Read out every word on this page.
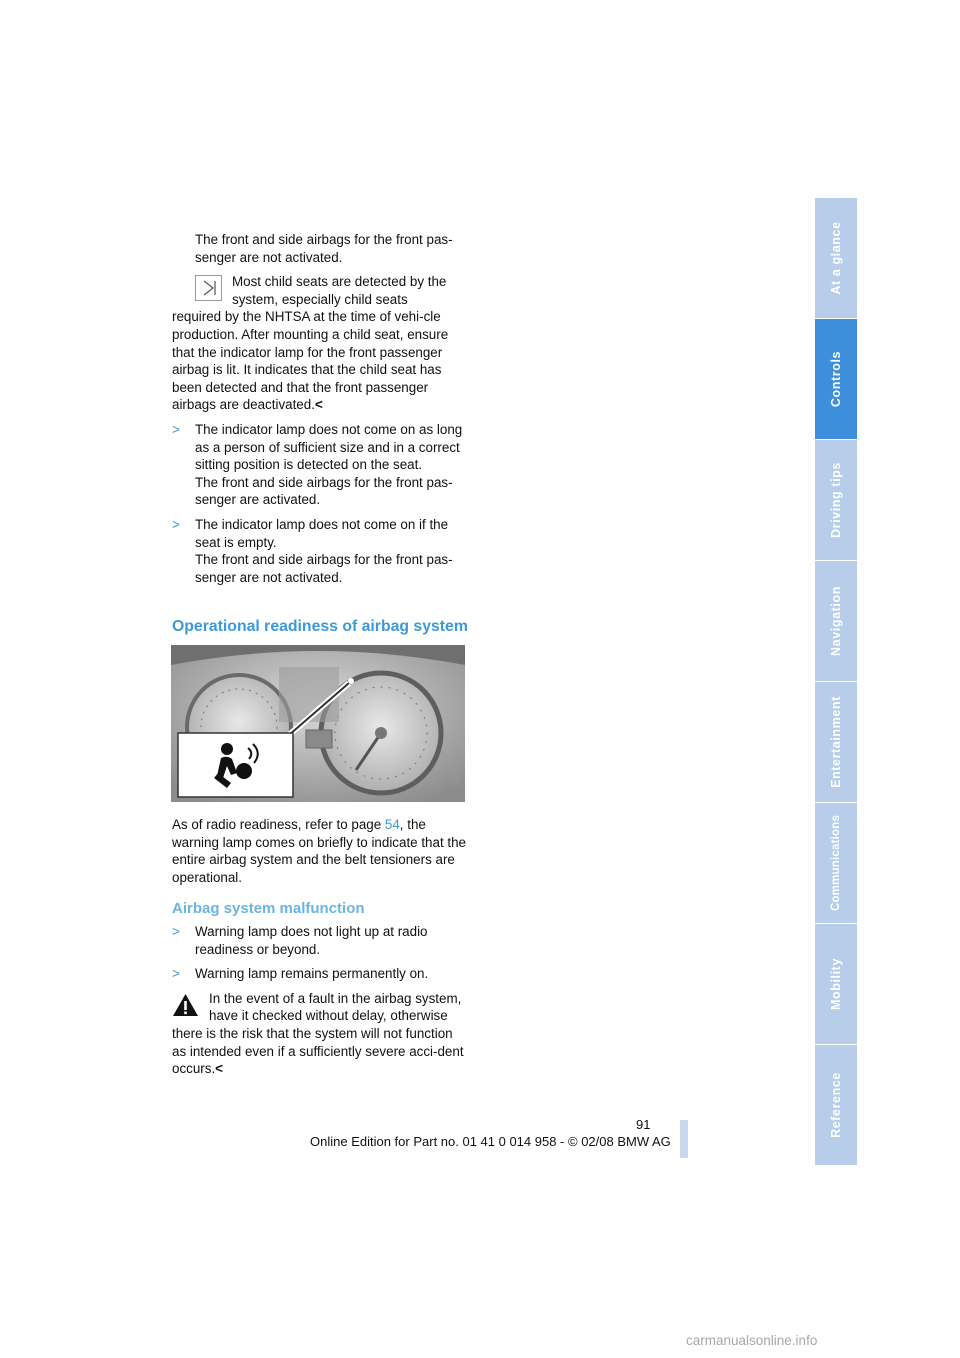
The front and side airbags for the front pas-senger are not activated.

Most child seats are detected by the system, especially child seats

required by the NHTSA at the time of vehi-cle production. After mounting a child seat, ensure that the indicator lamp for the front passenger airbag is lit. It indicates that the child seat has been detected and that the front passenger airbags are deactivated.<

> The indicator lamp does not come on as long as a person of sufficient size and in a correct sitting position is detected on the seat.

The front and side airbags for the front pas-senger are activated.

> The indicator lamp does not come on if the seat is empty.

The front and side airbags for the front pas-senger are not activated.

Operational readiness of airbag system
W0C1K0KN

As of radio readiness, refer to page 54, the warning lamp comes on briefly to indicate that the entire airbag system and the belt tensioners are operational.

Airbag system malfunction
> Warning lamp does not light up at radio readiness or beyond.

> Warning lamp remains permanently on.

In the event of a fault in the airbag system, have it checked without delay, otherwise

there is the risk that the system will not function as intended even if a sufficiently severe acci-dent occurs.<

At a glance
Controls
Driving tips
Navigation
Entertainment
Communications
Mobility
Reference
91
Online Edition for Part no. 01 41 0 014 958 - © 02/08 BMW AG
carmanualsonline.info
